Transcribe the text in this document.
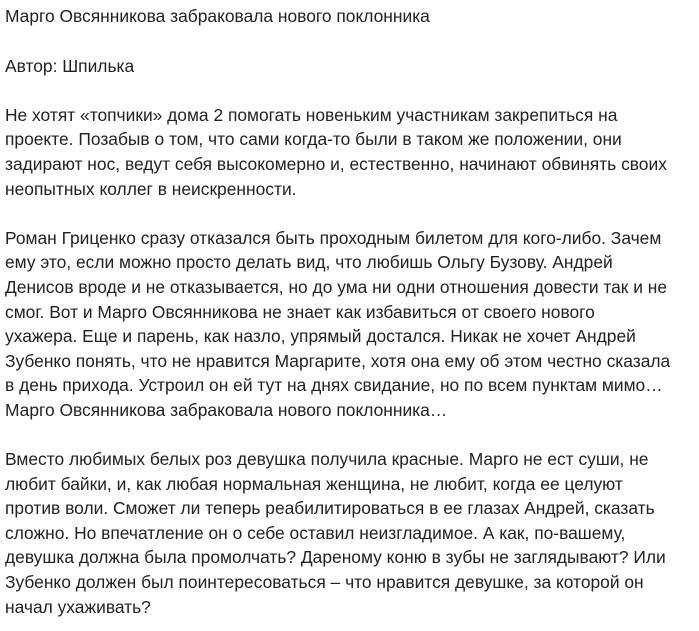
Марго Овсянникова забраковала нового поклонника
Автор: Шпилька
Не хотят «топчики» дома 2 помогать новеньким участникам закрепиться на
проекте. Позабыв о том, что сами когда-то были в таком же положении, они
задирают нос, ведут себя высокомерно и, естественно, начинают обвинять своих
неопытных коллег в неискренности.
Роман Гриценко сразу отказался быть проходным билетом для кого-либо. Зачем
ему это, если можно просто делать вид, что любишь Ольгу Бузову. Андрей
Денисов вроде и не отказывается, но до ума ни одни отношения довести так и не
смог. Вот и Марго Овсянникова не знает как избавиться от своего нового
ухажера. Еще и парень, как назло, упрямый достался. Никак не хочет Андрей
Зубенко понять, что не нравится Маргарите, хотя она ему об этом честно сказала
в день прихода. Устроил он ей тут на днях свидание, но по всем пунктам мимо…
Марго Овсянникова забраковала нового поклонника…
Вместо любимых белых роз девушка получила красные. Марго не ест суши, не
любит байки, и, как любая нормальная женщина, не любит, когда ее целуют
против воли. Сможет ли теперь реабилитироваться в ее глазах Андрей, сказать
сложно. Но впечатление он о себе оставил неизгладимое. А как, по-вашему,
девушка должна была промолчать? Дареному коню в зубы не заглядывают? Или
Зубенко должен был поинтересоваться – что нравится девушке, за которой он
начал ухаживать?
